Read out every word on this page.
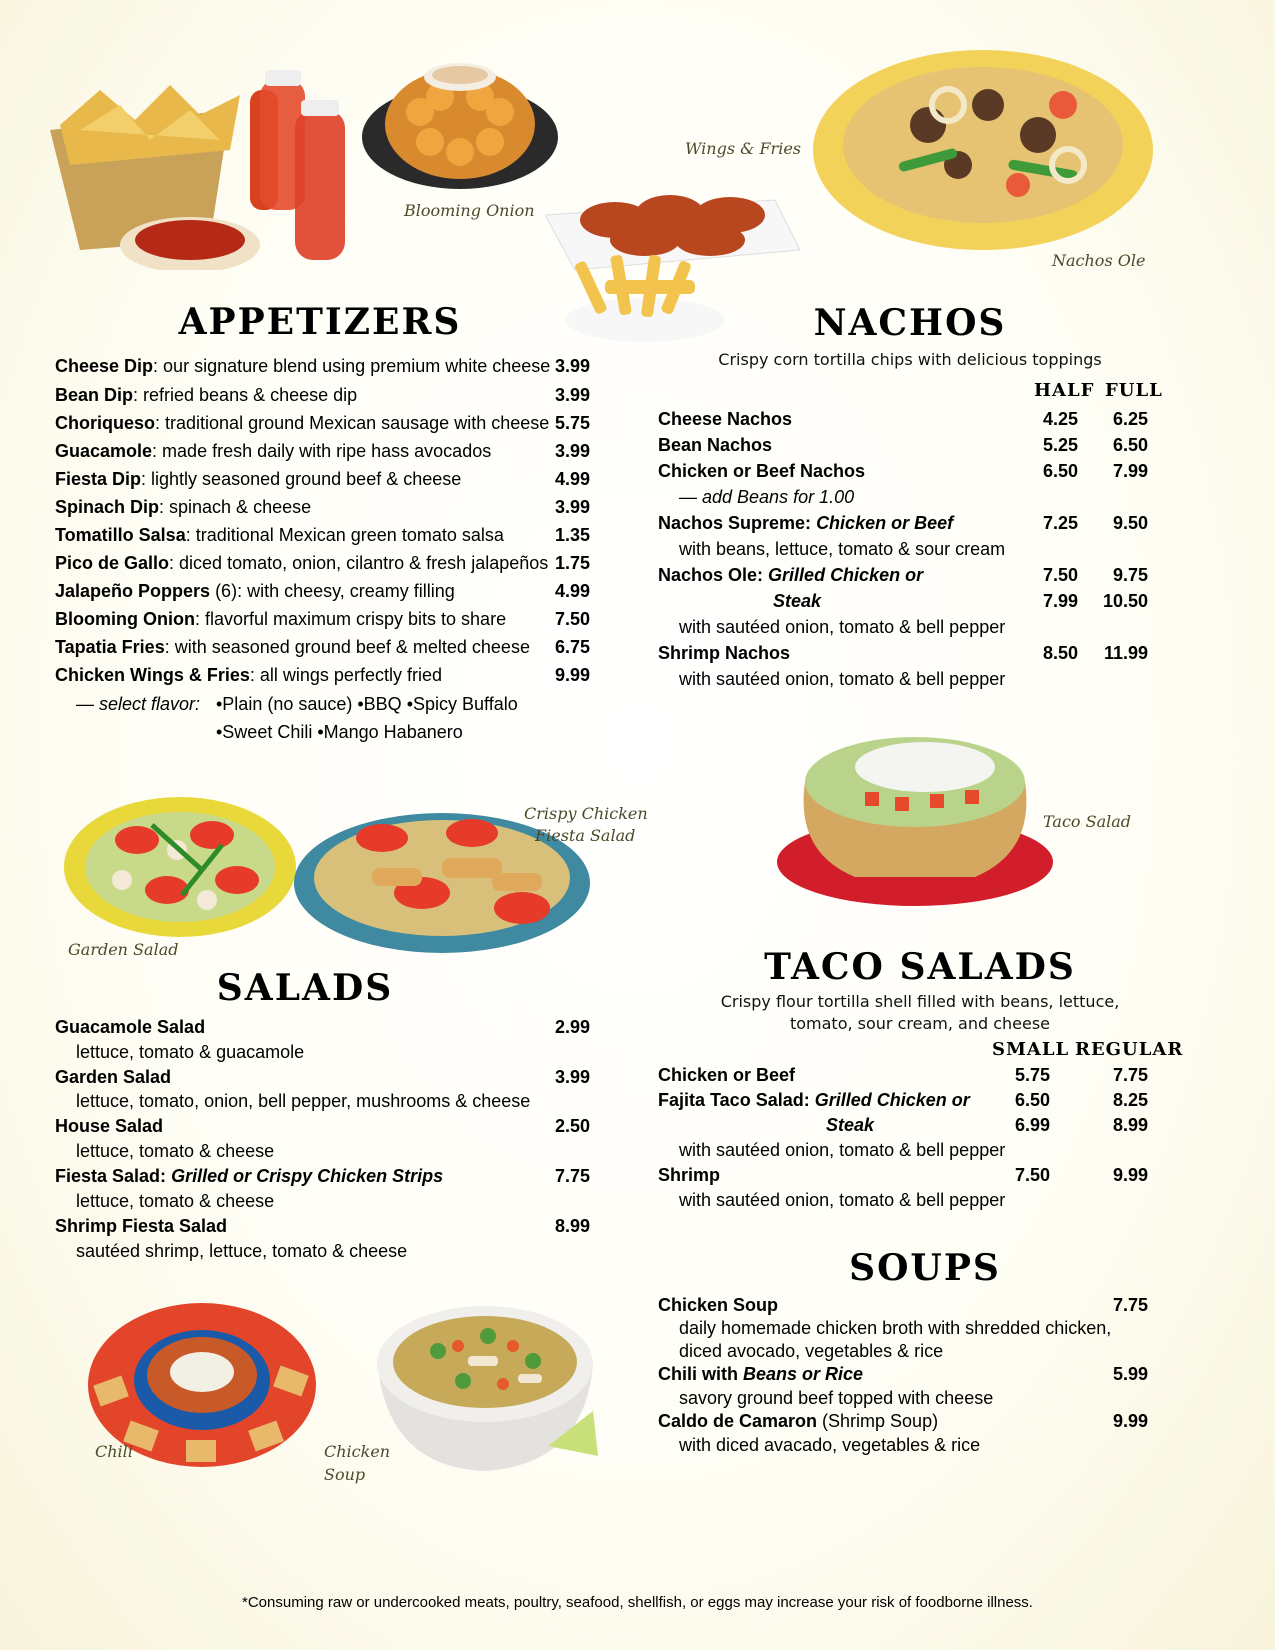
Blooming Onion
Wings & Fries
Nachos Ole
Garden Salad
Crispy Chicken
Fiesta Salad
Taco Salad
Chili	Chicken
Soup
APPETIZERS
Cheese Dip: our signature blend using premium white cheese 3.99
Bean Dip: refried beans & cheese dip	3.99
Choriqueso: traditional ground Mexican sausage with cheese 5.75
Guacamole: made fresh daily with ripe hass avocados	3.99
Fiesta Dip: lightly seasoned ground beef & cheese	4.99
Spinach Dip: spinach & cheese	3.99
Tomatillo Salsa: traditional Mexican green tomato salsa	1.35
Pico de Gallo: diced tomato, onion, cilantro & fresh jalapeños 1.75
Jalapeño Poppers (6): with cheesy, creamy filling	4.99
Blooming Onion: flavorful maximum crispy bits to share	7.50
Tapatia Fries: with seasoned ground beef & melted cheese	6.75
Chicken Wings & Fries: all wings perfectly fried	9.99
— select flavor: •Plain (no sauce) •BBQ •Spicy Buffalo
•Sweet Chili •Mango Habanero
NACHOS
Crispy corn tortilla chips with delicious toppings
HALF FULL
Cheese Nachos	4.25	6.25
Bean Nachos	5.25	6.50
Chicken or Beef Nachos	6.50	7.99
— add Beans for 1.00
Nachos Supreme: Chicken or Beef	7.25	9.50
with beans, lettuce, tomato & sour cream
Nachos Ole: Grilled Chicken or	7.50	9.75
Steak	7.99	10.50
with sautéed onion, tomato & bell pepper
Shrimp Nachos	8.50	11.99
with sautéed onion, tomato & bell pepper
SALADS
Guacamole Salad	2.99
lettuce, tomato & guacamole
Garden Salad	3.99
lettuce, tomato, onion, bell pepper, mushrooms & cheese
House Salad	2.50
lettuce, tomato & cheese
Fiesta Salad: Grilled or Crispy Chicken Strips	7.75
lettuce, tomato & cheese
Shrimp Fiesta Salad	8.99
sautéed shrimp, lettuce, tomato & cheese
TACO SALADS
Crispy flour tortilla shell filled with beans, lettuce,
tomato, sour cream, and cheese
SMALL REGULAR
Chicken or Beef	5.75	7.75
Fajita Taco Salad: Grilled Chicken or	6.50	8.25
Steak	6.99	8.99
with sautéed onion, tomato & bell pepper
Shrimp	7.50	9.99
with sautéed onion, tomato & bell pepper
SOUPS
Chicken Soup	7.75
daily homemade chicken broth with shredded chicken,
diced avocado, vegetables & rice
Chili with Beans or Rice	5.99
savory ground beef topped with cheese
Caldo de Camaron (Shrimp Soup)	9.99
with diced avacado, vegetables & rice
*Consuming raw or undercooked meats, poultry, seafood, shellfish, or eggs may increase your risk of foodborne illness.
